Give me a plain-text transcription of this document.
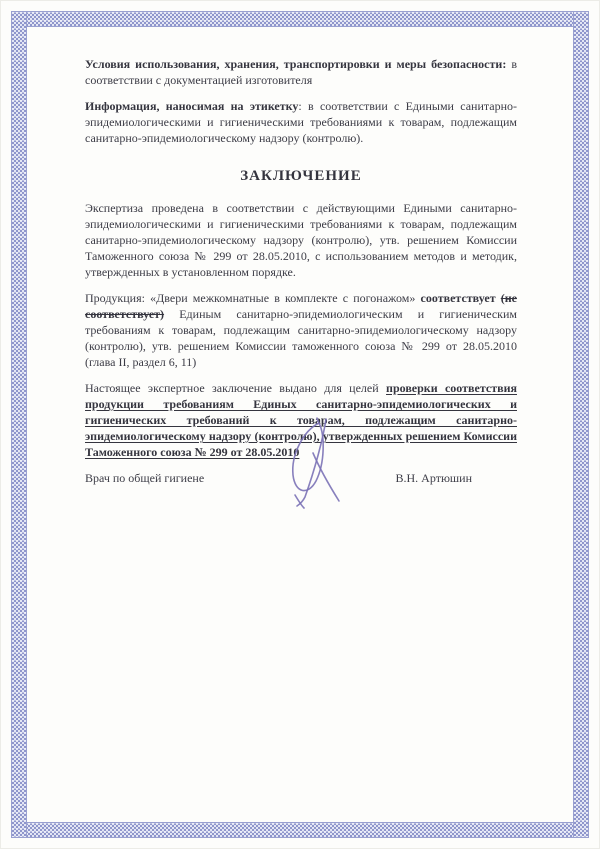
Условия использования, хранения, транспортировки и меры безопасности: в соответствии с документацией изготовителя

Информация, наносимая на этикетку: в соответствии с Едиными санитарно-эпидемиологическими и гигиеническими требованиями к товарам, подлежащим санитарно-эпидемиологическому надзору (контролю).

ЗАКЛЮЧЕНИЕ

Экспертиза проведена в соответствии с действующими Едиными санитарно-эпидемиологическими и гигиеническими требованиями к товарам, подлежащим санитарно-эпидемиологическому надзору (контролю), утв. решением Комиссии Таможенного союза № 299 от 28.05.2010, с использованием методов и методик, утвержденных в установленном порядке.

Продукция: «Двери межкомнатные в комплекте с погонажом» соответствует (не соответствует) Единым санитарно-эпидемиологическим и гигиеническим требованиям к товарам, подлежащим санитарно-эпидемиологическому надзору (контролю), утв. решением Комиссии таможенного союза № 299 от 28.05.2010 (глава II, раздел 6, 11)

Настоящее экспертное заключение выдано для целей проверки соответствия продукции требованиям Единых санитарно-эпидемиологических и гигиенических требований к товарам, подлежащим санитарно-эпидемиологическому надзору (контролю), утвержденных решением Комиссии Таможенного союза № 299 от 28.05.2010

Врач по общей гигиене	В.Н. Артюшин
